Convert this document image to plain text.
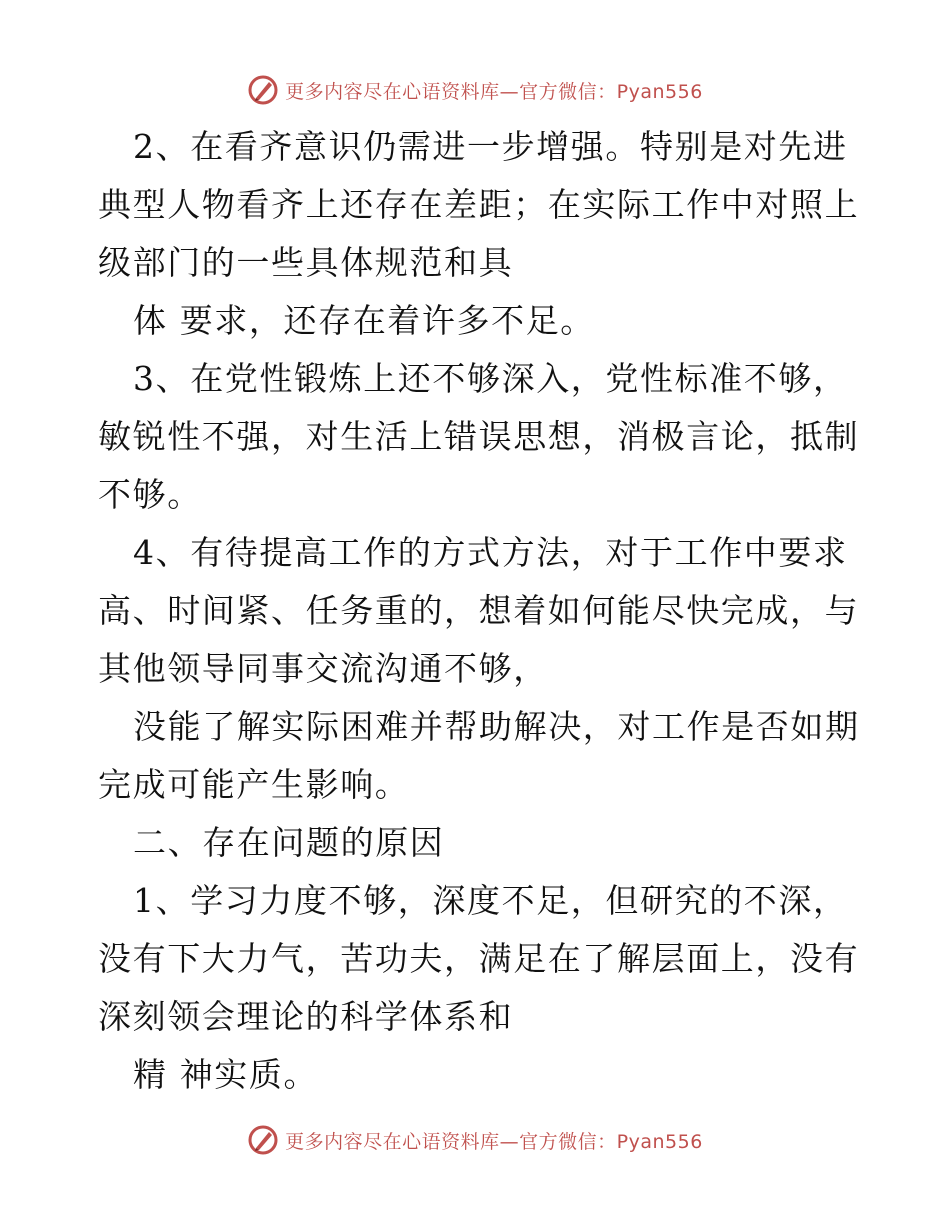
更多内容尽在心语资料库—官方微信：Pyan556
2、在看齐意识仍需进一步增强。特别是对先进
典型人物看齐上还存在差距；在实际工作中对照上
级部门的一些具体规范和具
体 要求，还存在着许多不足。
3、在党性锻炼上还不够深入，党性标准不够，
敏锐性不强，对生活上错误思想，消极言论，抵制
不够。
4、有待提高工作的方式方法，对于工作中要求
高、时间紧、任务重的，想着如何能尽快完成，与
其他领导同事交流沟通不够，
没能了解实际困难并帮助解决，对工作是否如期
完成可能产生影响。
二、存在问题的原因
1、学习力度不够，深度不足，但研究的不深，
没有下大力气，苦功夫，满足在了解层面上，没有
深刻领会理论的科学体系和
精 神实质。
更多内容尽在心语资料库—官方微信：Pyan556
